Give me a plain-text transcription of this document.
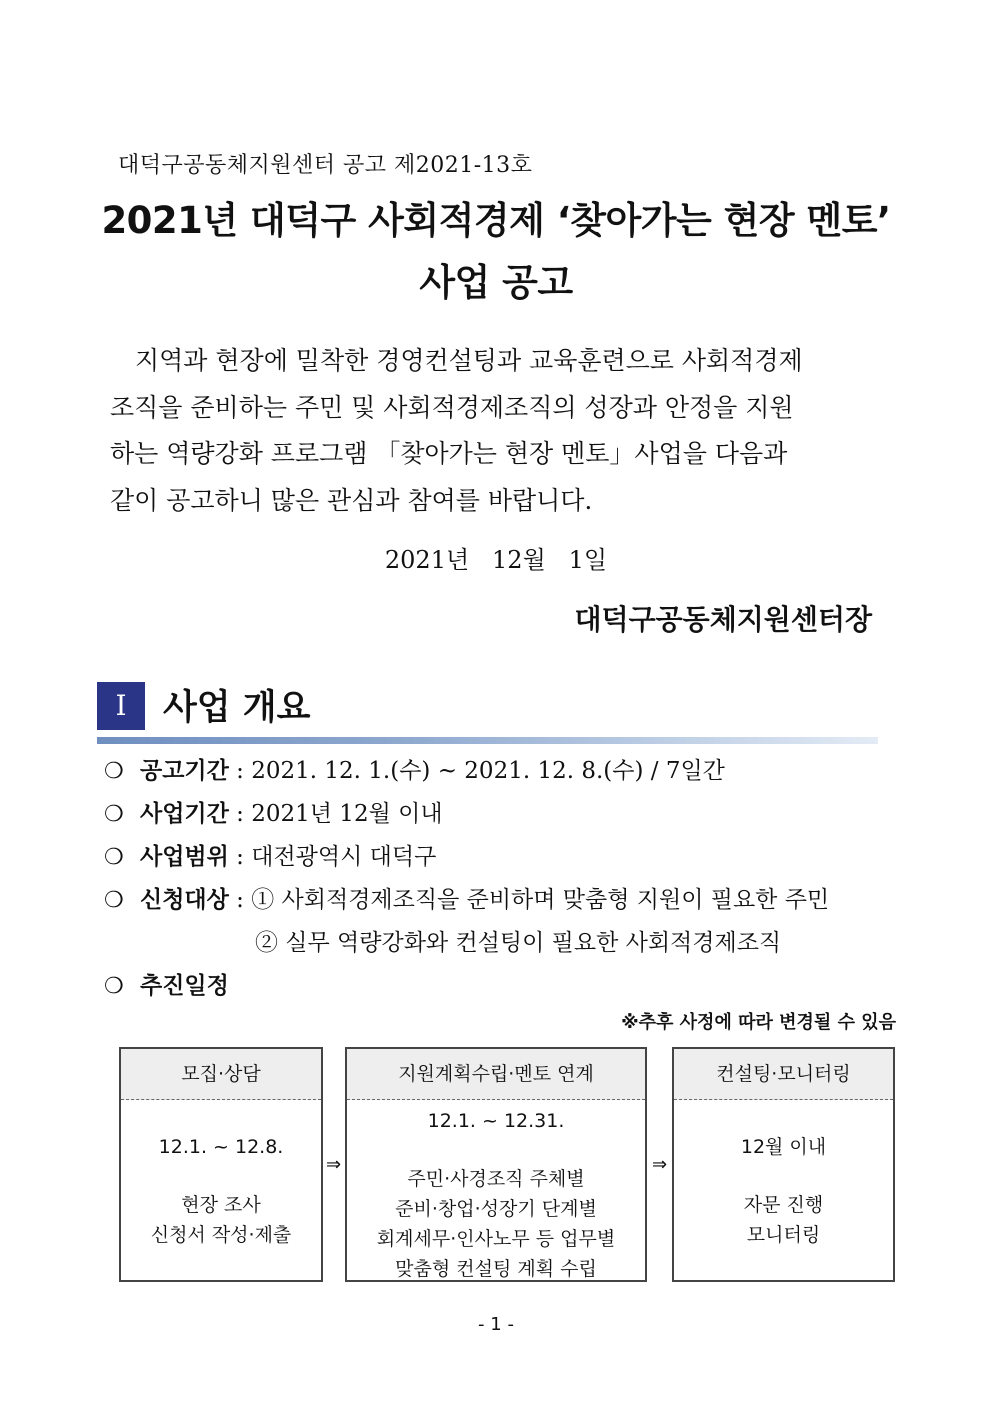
대덕구공동체지원센터 공고 제2021-13호
2021년 대덕구 사회적경제 ‘찾아가는 현장 멘토’
사업 공고

지역과 현장에 밀착한 경영컨설팅과 교육훈련으로 사회적경제

조직을 준비하는 주민 및 사회적경제조직의 성장과 안정을 지원

하는 역량강화 프로그램 「찾아가는 현장 멘토」사업을 다음과

같이 공고하니 많은 관심과 참여를 바랍니다.

2021년   12월   1일
대덕구공동체지원센터장
Ⅰ	사업 개요
❍ 공고기간 : 2021. 12. 1.(수) ~ 2021. 12. 8.(수) / 7일간
❍ 사업기간 : 2021년 12월 이내
❍ 사업범위 : 대전광역시 대덕구
❍ 신청대상 : ① 사회적경제조직을 준비하며 맞춤형 지원이 필요한 주민
② 실무 역량강화와 컨설팅이 필요한 사회적경제조직
❍ 추진일정
※추후 사정에 따라 변경될 수 있음
모집·상담
12.1. ~ 12.8.
현장 조사
신청서 작성·제출
⇒
지원계획수립·멘토 연계
12.1. ~ 12.31.
주민·사경조직 주체별
준비·창업·성장기 단계별
회계세무·인사노무 등 업무별
맞춤형 컨설팅 계획 수립
⇒
컨설팅·모니터링
12월 이내
자문 진행
모니터링
- 1 -
